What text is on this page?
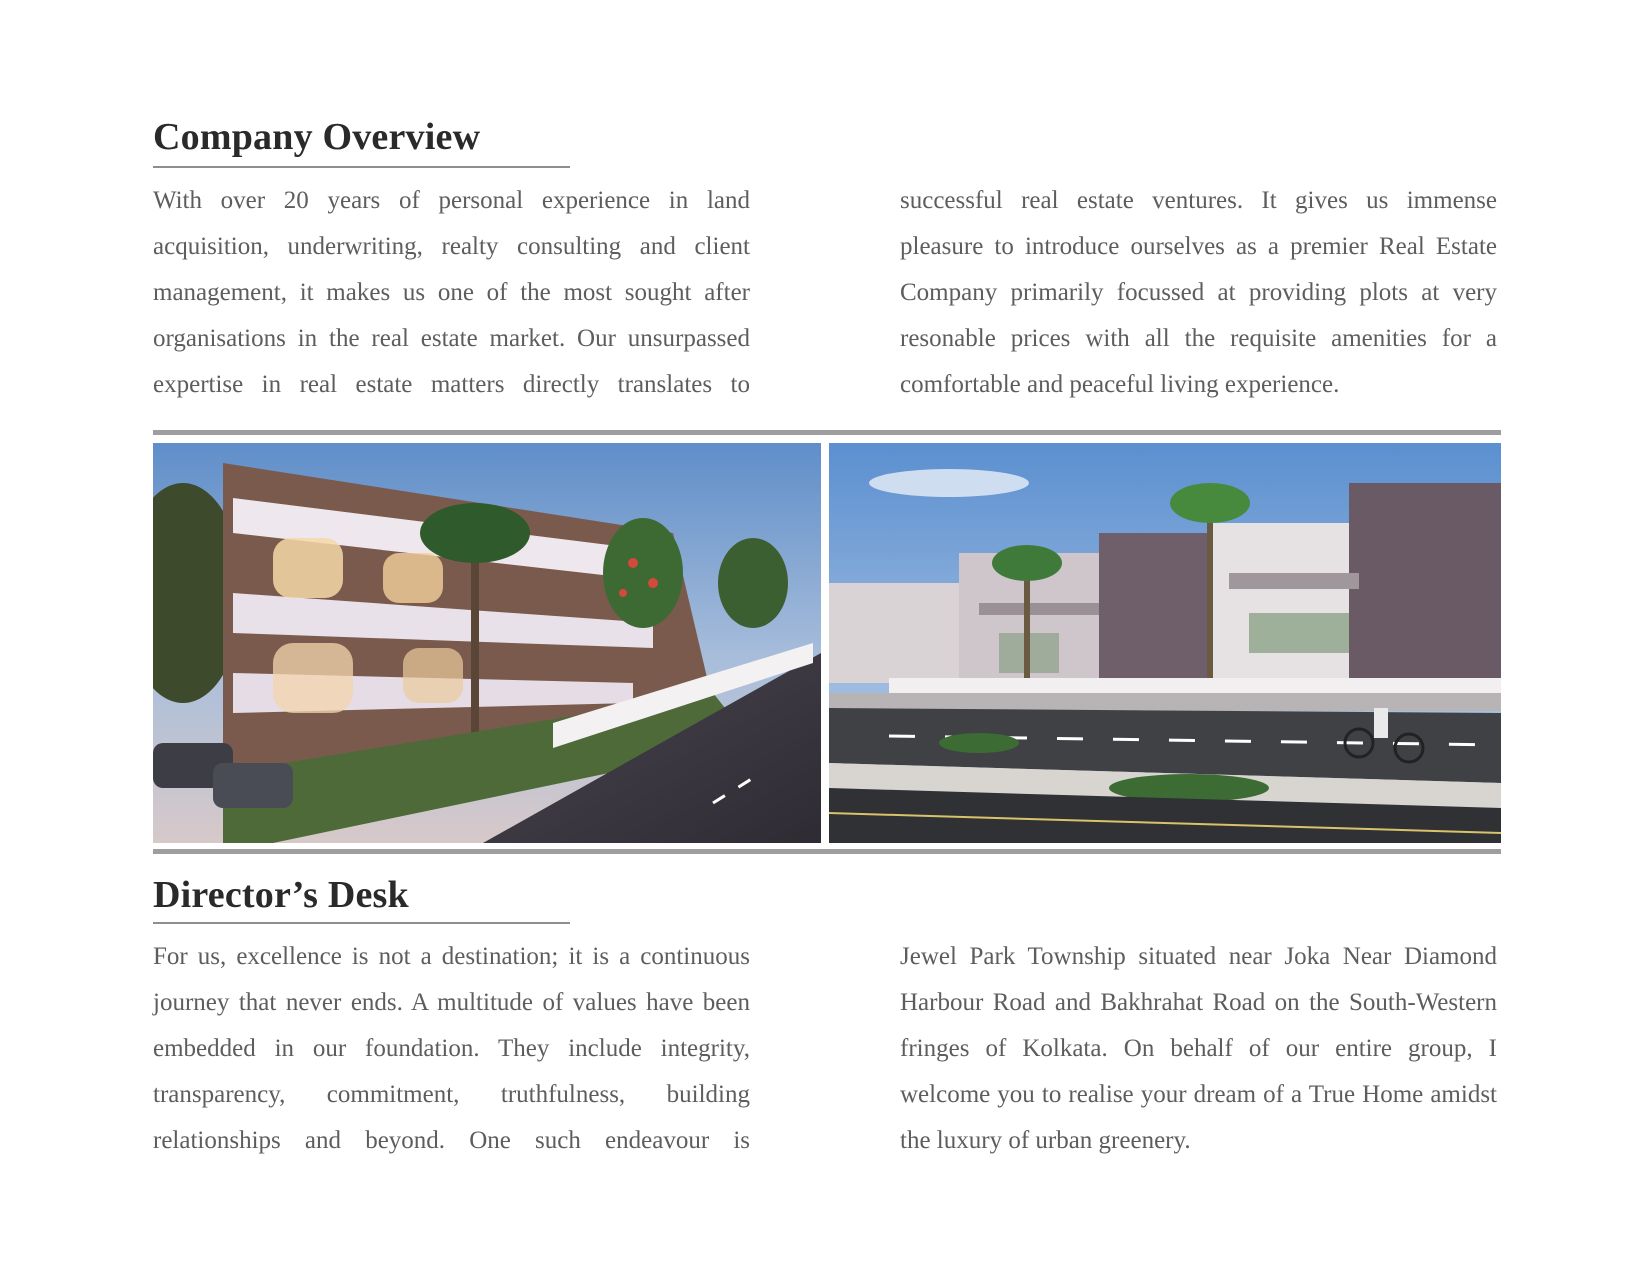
Company Overview

With over 20 years of personal experience in land acquisition, underwriting, realty consulting and client management, it makes us one of the most sought after organisations in the real estate market. Our unsurpassed expertise in real estate matters directly translates to

successful real estate ventures. It gives us immense pleasure to introduce ourselves as a premier Real Estate Company primarily focussed at providing plots at very resonable prices with all the requisite amenities for a comfortable and peaceful living experience.

Director’s Desk

For us, excellence is not a destination; it is a continuous journey that never ends. A multitude of values have been embedded in our foundation. They include integrity, transparency, commitment, truthfulness, building relationships and beyond. One such endeavour is

Jewel Park Township situated near Joka Near Diamond Harbour Road and Bakhrahat Road on the South-Western fringes of Kolkata. On behalf of our entire group, I welcome you to realise your dream of a True Home amidst the luxury of urban greenery.
